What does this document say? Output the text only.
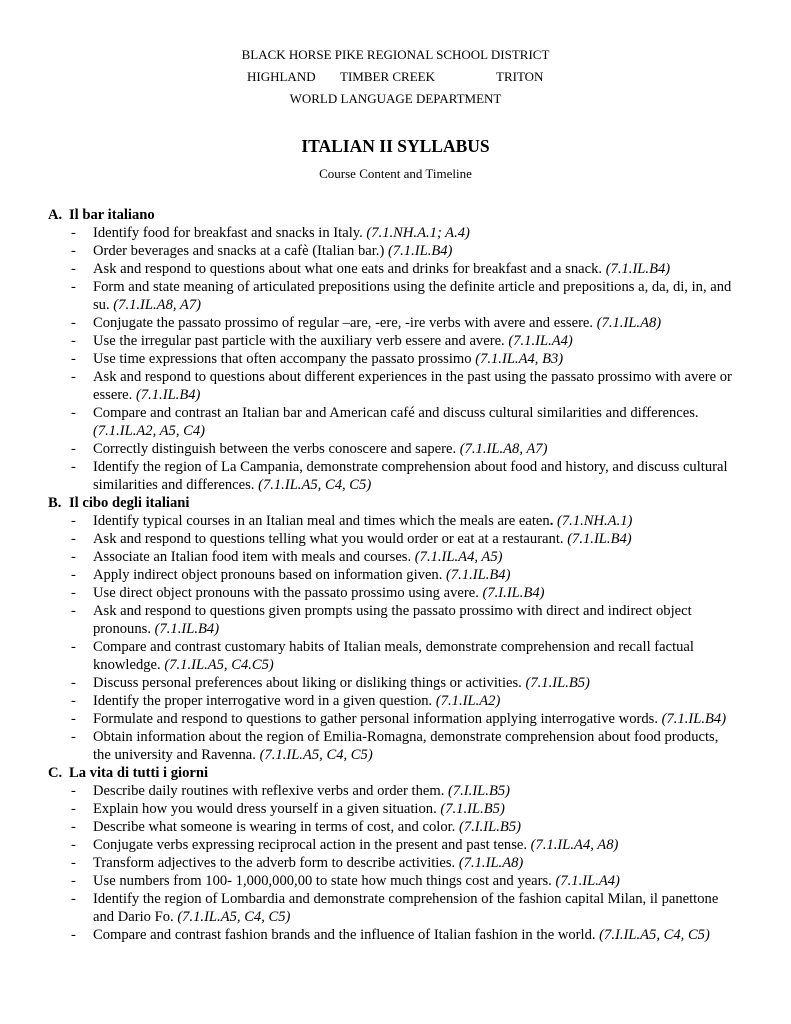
BLACK HORSE PIKE REGIONAL SCHOOL DISTRICT
HIGHLAND TIMBER CREEK	TRITON
WORLD LANGUAGE DEPARTMENT
ITALIAN II SYLLABUS
Course Content and Timeline
A. Il bar italiano
- Identify food for breakfast and snacks in Italy. (7.1.NH.A.1; A.4)
- Order beverages and snacks at a cafè (Italian bar.) (7.1.IL.B4)
- Ask and respond to questions about what one eats and drinks for breakfast and a snack. (7.1.IL.B4)
- Form and state meaning of articulated prepositions using the definite article and prepositions a, da, di, in, and su. (7.1.IL.A8, A7)
- Conjugate the passato prossimo of regular –are, -ere, -ire verbs with avere and essere. (7.1.IL.A8)
- Use the irregular past particle with the auxiliary verb essere and avere. (7.1.IL.A4)
- Use time expressions that often accompany the passato prossimo (7.1.IL.A4, B3)
- Ask and respond to questions about different experiences in the past using the passato prossimo with avere or essere. (7.1.IL.B4)
- Compare and contrast an Italian bar and American café and discuss cultural similarities and differences. (7.1.IL.A2, A5, C4)
- Correctly distinguish between the verbs conoscere and sapere. (7.1.IL.A8, A7)
- Identify the region of La Campania, demonstrate comprehension about food and history, and discuss cultural similarities and differences. (7.1.IL.A5, C4, C5)
B. Il cibo degli italiani
- Identify typical courses in an Italian meal and times which the meals are eaten. (7.1.NH.A.1)
- Ask and respond to questions telling what you would order or eat at a restaurant. (7.1.IL.B4)
- Associate an Italian food item with meals and courses. (7.1.IL.A4, A5)
- Apply indirect object pronouns based on information given. (7.1.IL.B4)
- Use direct object pronouns with the passato prossimo using avere. (7.I.IL.B4)
- Ask and respond to questions given prompts using the passato prossimo with direct and indirect object pronouns. (7.1.IL.B4)
- Compare and contrast customary habits of Italian meals, demonstrate comprehension and recall factual knowledge. (7.1.IL.A5, C4.C5)
- Discuss personal preferences about liking or disliking things or activities. (7.1.IL.B5)
- Identify the proper interrogative word in a given question. (7.1.IL.A2)
- Formulate and respond to questions to gather personal information applying interrogative words. (7.1.IL.B4)
- Obtain information about the region of Emilia-Romagna, demonstrate comprehension about food products, the university and Ravenna. (7.1.IL.A5, C4, C5)
C. La vita di tutti i giorni
- Describe daily routines with reflexive verbs and order them. (7.I.IL.B5)
- Explain how you would dress yourself in a given situation. (7.1.IL.B5)
- Describe what someone is wearing in terms of cost, and color. (7.I.IL.B5)
- Conjugate verbs expressing reciprocal action in the present and past tense. (7.1.IL.A4, A8)
- Transform adjectives to the adverb form to describe activities. (7.1.IL.A8)
- Use numbers from 100- 1,000,000,00 to state how much things cost and years. (7.1.IL.A4)
- Identify the region of Lombardia and demonstrate comprehension of the fashion capital Milan, il panettone and Dario Fo. (7.1.IL.A5, C4, C5)
- Compare and contrast fashion brands and the influence of Italian fashion in the world. (7.I.IL.A5, C4, C5)
